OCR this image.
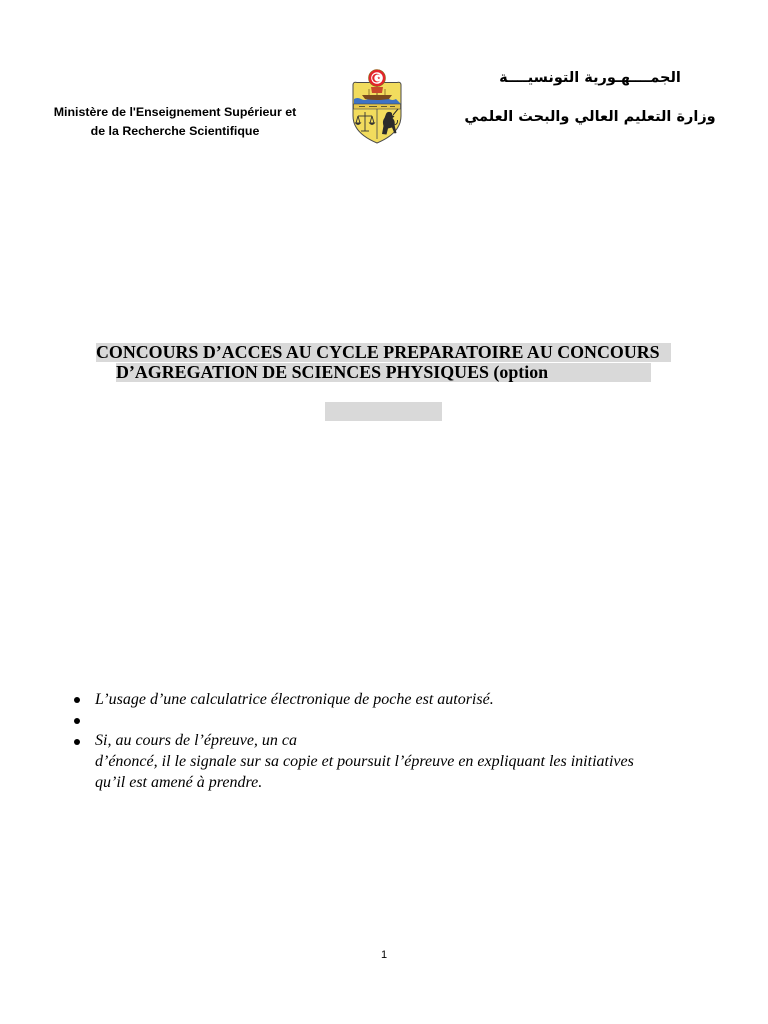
Ministère de l'Enseignement Supérieur et
de la Recherche Scientifique
الجمــــهـورية التونسيــــة
وزارة التعليم العالي والبحث العلمي
CONCOURS D’ACCES AU CYCLE PREPARATOIRE AU CONCOURS
D’AGREGATION DE SCIENCES PHYSIQUES (option
L’usage d’une calculatrice électronique de poche est autorisé.
Si, au cours de l’épreuve, un ca
d’énoncé, il le signale sur sa copie et poursuit l’épreuve en expliquant les initiatives
qu’il est amené à prendre.
1
